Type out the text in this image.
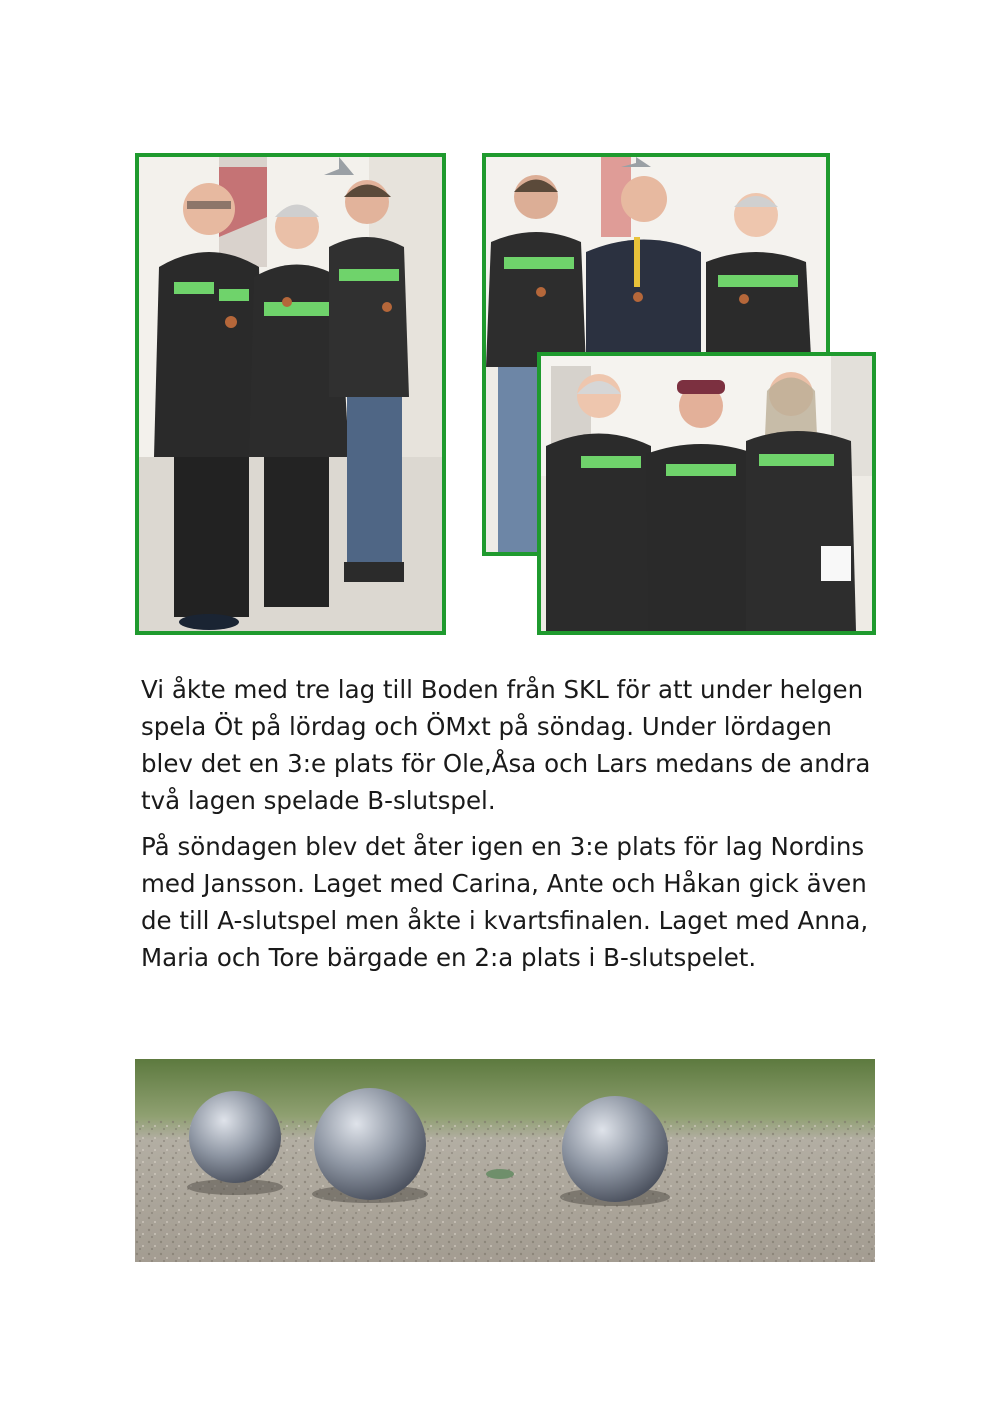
Vi åkte med tre lag till Boden från SKL för att under helgen spela Öt på lördag och ÖMxt på söndag. Under lördagen blev det en 3:e plats för Ole,Åsa och Lars medans de andra två lagen spelade B-slutspel.

På söndagen blev det åter igen en 3:e plats för lag Nordins med Jansson. Laget med Carina, Ante och Håkan gick även de till A-slutspel men åkte i kvartsfinalen. Laget med Anna, Maria och Tore bärgade en 2:a plats i B-slutspelet.
